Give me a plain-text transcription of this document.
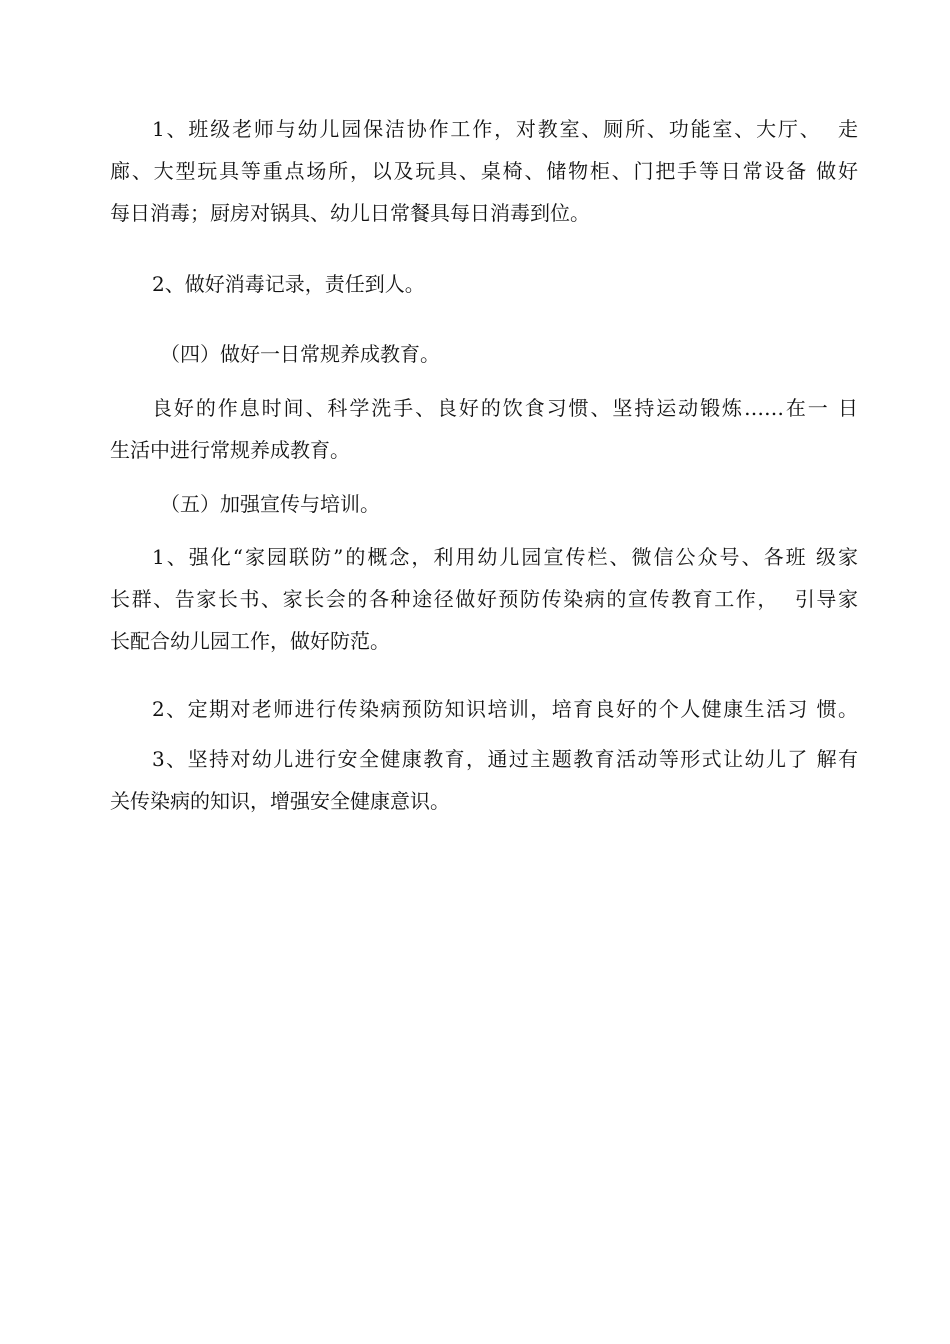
1、班级老师与幼儿园保洁协作工作，对教室、厕所、功能室、大厅、  走
廊、大型玩具等重点场所，以及玩具、桌椅、储物柜、门把手等日常设备 做好
每日消毒；厨房对锅具、幼儿日常餐具每日消毒到位。
2、做好消毒记录，责任到人。
（四）做好一日常规养成教育。
良好的作息时间、科学洗手、良好的饮食习惯、坚持运动锻炼……在一 日
生活中进行常规养成教育。
（五）加强宣传与培训。
1、强化“家园联防”的概念，利用幼儿园宣传栏、微信公众号、各班 级家
长群、告家长书、家长会的各种途径做好预防传染病的宣传教育工作，  引导家
长配合幼儿园工作，做好防范。
2、定期对老师进行传染病预防知识培训，培育良好的个人健康生活习 惯。
3、坚持对幼儿进行安全健康教育，通过主题教育活动等形式让幼儿了 解有
关传染病的知识，增强安全健康意识。
